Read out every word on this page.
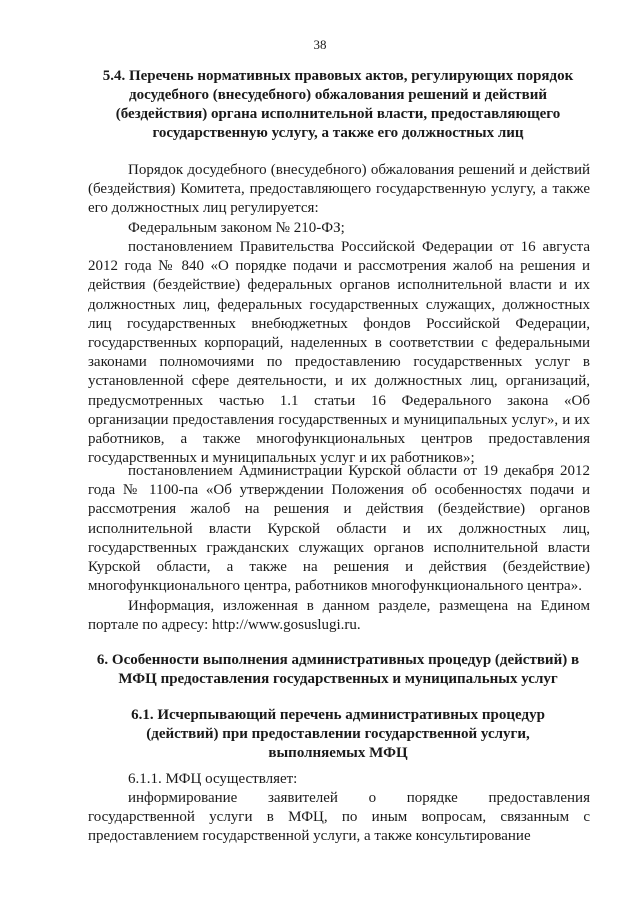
38
5.4. Перечень нормативных правовых актов, регулирующих порядок досудебного (внесудебного) обжалования решений и действий (бездействия) органа исполнительной власти, предоставляющего государственную услугу, а также его должностных лиц
Порядок досудебного (внесудебного) обжалования решений и действий (бездействия) Комитета, предоставляющего государственную услугу, а также его должностных лиц регулируется:
Федеральным законом № 210-ФЗ;
постановлением Правительства Российской Федерации от 16 августа 2012 года № 840 «О порядке подачи и рассмотрения жалоб на решения и действия (бездействие) федеральных органов исполнительной власти и их должностных лиц, федеральных государственных служащих, должностных лиц государственных внебюджетных фондов Российской Федерации, государственных корпораций, наделенных в соответствии с федеральными законами полномочиями по предоставлению государственных услуг в установленной сфере деятельности, и их должностных лиц, организаций, предусмотренных частью 1.1 статьи 16 Федерального закона «Об организации предоставления государственных и муниципальных услуг», и их работников, а также многофункциональных центров предоставления государственных и муниципальных услуг и их работников»;
постановлением Администрации Курской области от 19 декабря 2012 года № 1100-па «Об утверждении Положения об особенностях подачи и рассмотрения жалоб на решения и действия (бездействие) органов исполнительной власти Курской области и их должностных лиц, государственных гражданских служащих органов исполнительной власти Курской области, а также на решения и действия (бездействие) многофункционального центра, работников многофункционального центра».
Информация, изложенная в данном разделе, размещена на Едином портале по адресу: http://www.gosuslugi.ru.
6. Особенности выполнения административных процедур (действий) в МФЦ предоставления государственных и муниципальных услуг
6.1. Исчерпывающий перечень административных процедур (действий) при предоставлении государственной услуги, выполняемых МФЦ
6.1.1. МФЦ осуществляет:
информирование заявителей о порядке предоставления государственной услуги в МФЦ, по иным вопросам, связанным с предоставлением государственной услуги, а также консультирование
